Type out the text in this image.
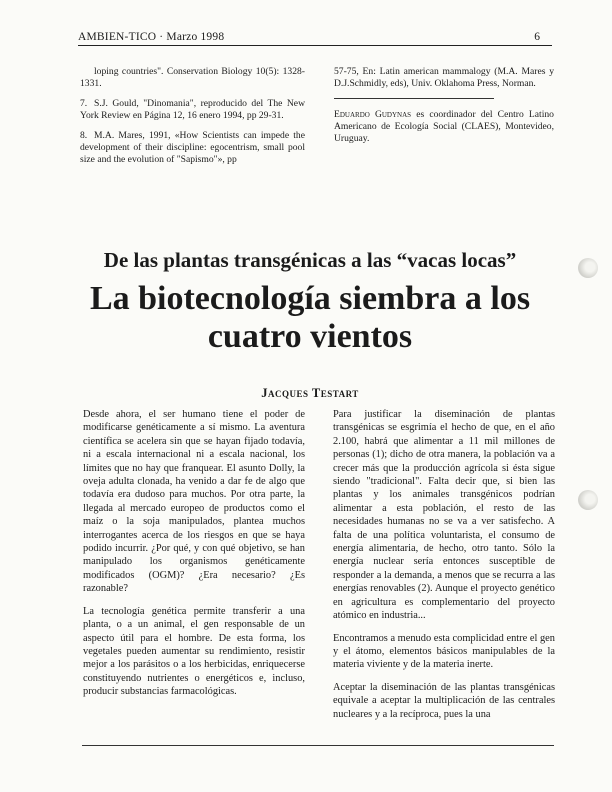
AMBIEN-TICO · Marzo 1998	6
loping countries". Conservation Biology 10(5): 1328-1331.
7. S.J. Gould, "Dinomania", reproducido del The New York Review en Página 12, 16 enero 1994, pp 29-31.
8. M.A. Mares, 1991, «How Scientists can impede the development of their discipline: egocentrism, small pool size and the evolution of "Sapismo"», pp
57-75, En: Latin american mammalogy (M.A. Mares y D.J.Schmidly, eds), Univ. Oklahoma Press, Norman.
Eduardo Gudynas es coordinador del Centro Latino Americano de Ecología Social (CLAES), Montevideo, Uruguay.
De las plantas transgénicas a las “vacas locas”
La biotecnología siembra a los cuatro vientos
Jacques Testart

Desde ahora, el ser humano tiene el poder de modificarse genéticamente a sí mismo. La aventura científica se acelera sin que se hayan fijado todavía, ni a escala internacional ni a escala nacional, los límites que no hay que franquear. El asunto Dolly, la oveja adulta clonada, ha venido a dar fe de algo que todavía era dudoso para muchos. Por otra parte, la llegada al mercado europeo de productos como el maíz o la soja manipulados, plantea muchos interrogantes acerca de los riesgos en que se haya podido incurrir. ¿Por qué, y con qué objetivo, se han manipulado los organismos genéticamente modificados (OGM)? ¿Era necesario? ¿Es razonable?

La tecnología genética permite transferir a una planta, o a un animal, el gen responsable de un aspecto útil para el hombre. De esta forma, los vegetales pueden aumentar su rendimiento, resistir mejor a los parásitos o a los herbicidas, enriquecerse constituyendo nutrientes o energéticos e, incluso, producir substancias farmacológicas.

Para justificar la diseminación de plantas transgénicas se esgrimía el hecho de que, en el año 2.100, habrá que alimentar a 11 mil millones de personas (1); dicho de otra manera, la población va a crecer más que la producción agrícola si ésta sigue siendo "tradicional". Falta decir que, si bien las plantas y los animales transgénicos podrían alimentar a esta población, el resto de las necesidades humanas no se va a ver satisfecho. A falta de una política voluntarista, el consumo de energía alimentaria, de hecho, otro tanto. Sólo la energía nuclear sería entonces susceptible de responder a la demanda, a menos que se recurra a las energías renovables (2). Aunque el proyecto genético en agricultura es complementario del proyecto atómico en industria...

Encontramos a menudo esta complicidad entre el gen y el átomo, elementos básicos manipulables de la materia viviente y de la materia inerte.

Aceptar la diseminación de las plantas transgénicas equivale a aceptar la multiplicación de las centrales nucleares y a la recíproca, pues la una
